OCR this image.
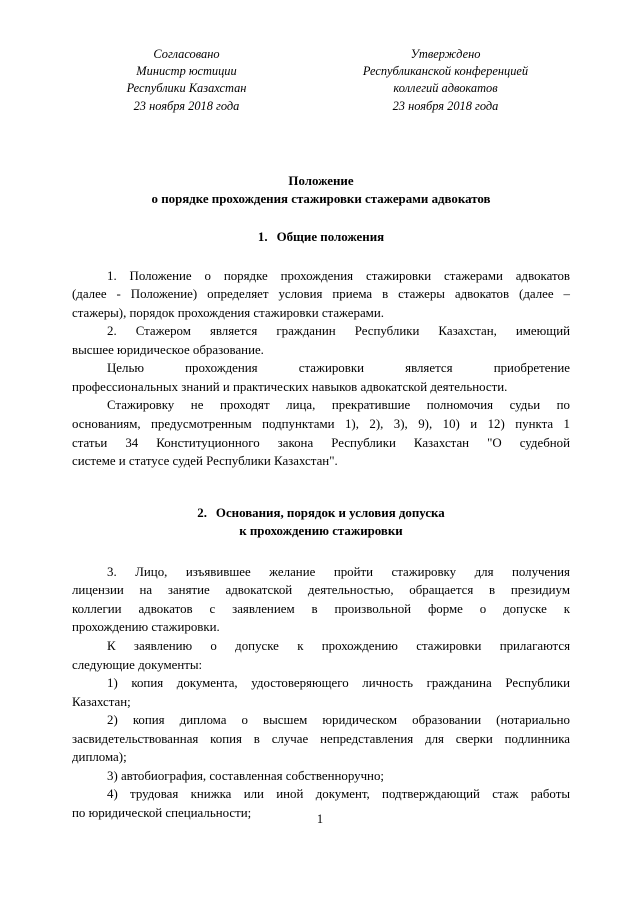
Согласовано
Министр юстиции
Республики Казахстан
23 ноября 2018 года
Утверждено
Республиканской конференцией
коллегий адвокатов
23 ноября 2018 года
Положение
о порядке прохождения стажировки стажерами адвокатов
1. Общие положения

1. Положение о порядке прохождения стажировки стажерами адвокатов
(далее - Положение) определяет условия приема в стажеры адвокатов (далее –
стажеры), порядок прохождения стажировки стажерами.

2. Стажером является гражданин Республики Казахстан, имеющий
высшее юридическое образование.

Целью прохождения стажировки является приобретение
профессиональных знаний и практических навыков адвокатской деятельности.

Стажировку не проходят лица, прекратившие полномочия судьи по
основаниям, предусмотренным подпунктами 1), 2), 3), 9), 10) и 12) пункта 1
статьи 34 Конституционного закона Республики Казахстан "О судебной
системе и статусе судей Республики Казахстан".

2. Основания, порядок и условия допуска
к прохождению стажировки

3. Лицо, изъявившее желание пройти стажировку для получения
лицензии на занятие адвокатской деятельностью, обращается в президиум
коллегии адвокатов с заявлением в произвольной форме о допуске к
прохождению стажировки.

К заявлению о допуске к прохождению стажировки прилагаются
следующие документы:

1) копия документа, удостоверяющего личность гражданина Республики
Казахстан;

2) копия диплома о высшем юридическом образовании (нотариально
засвидетельствованная копия в случае непредставления для сверки подлинника
диплома);

3) автобиография, составленная собственноручно;

4) трудовая книжка или иной документ, подтверждающий стаж работы
по юридической специальности;	1
